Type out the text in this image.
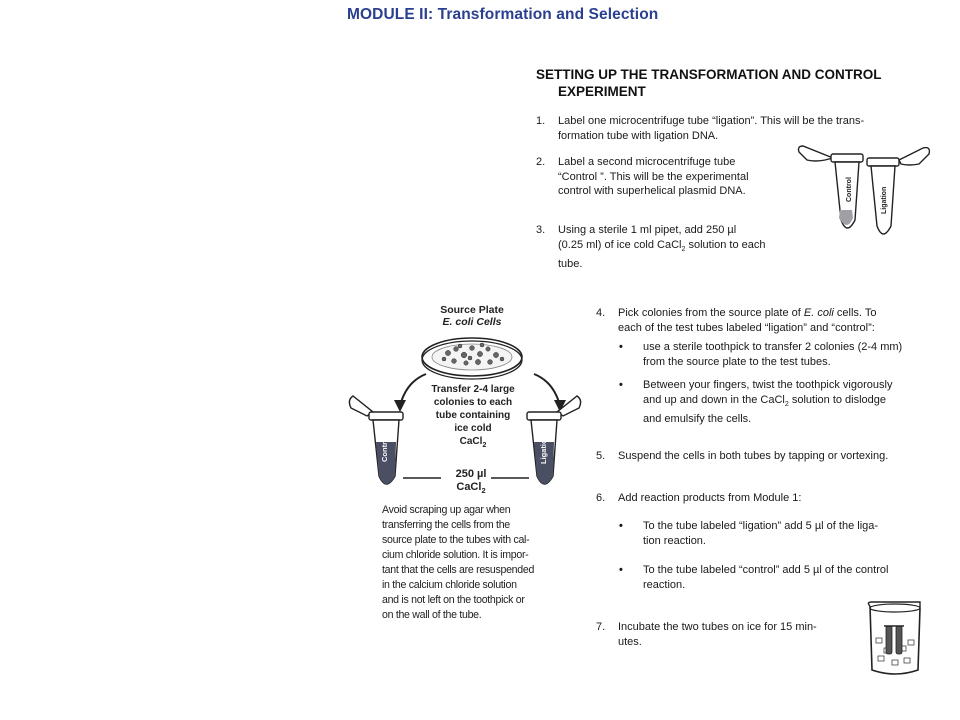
MODULE II: Transformation and Selection
SETTING UP THE TRANSFORMATION AND CONTROL
EXPERIMENT
1. Label one microcentrifuge tube “ligation”. This will be the trans-
formation tube with ligation DNA.
2. Label a second microcentrifuge tube
“Control ”. This will be the experimental
control with superhelical plasmid DNA.
3. Using a sterile 1 ml pipet, add 250 µl
(0.25 ml) of ice cold CaCl$_2$ solution to each
tube.
Control	Ligation
Source Plate
E. coli Cells
Transfer 2-4 large
colonies to each
tube containing
ice cold
CaCl$_2$
Control	Ligation
250 µl
CaCl$_2$
Avoid scraping up agar when
transferring the cells from the
source plate to the tubes with cal-
cium chloride solution. It is impor-
tant that the cells are resuspended
in the calcium chloride solution
and is not left on the toothpick or
on the wall of the tube.
4. Pick colonies from the source plate of E. coli cells. To
each of the test tubes labeled “ligation” and “control”:
• use a sterile toothpick to transfer 2 colonies (2-4 mm)
from the source plate to the test tubes.
• Between your fingers, twist the toothpick vigorously
and up and down in the CaCl$_2$ solution to dislodge
and emulsify the cells.
5. Suspend the cells in both tubes by tapping or vortexing.
6. Add reaction products from Module 1:
• To the tube labeled “ligation” add 5 µl of the liga-
tion reaction.
• To the tube labeled “control” add 5 µl of the control
reaction.
7. Incubate the two tubes on ice for 15 min-
utes.
